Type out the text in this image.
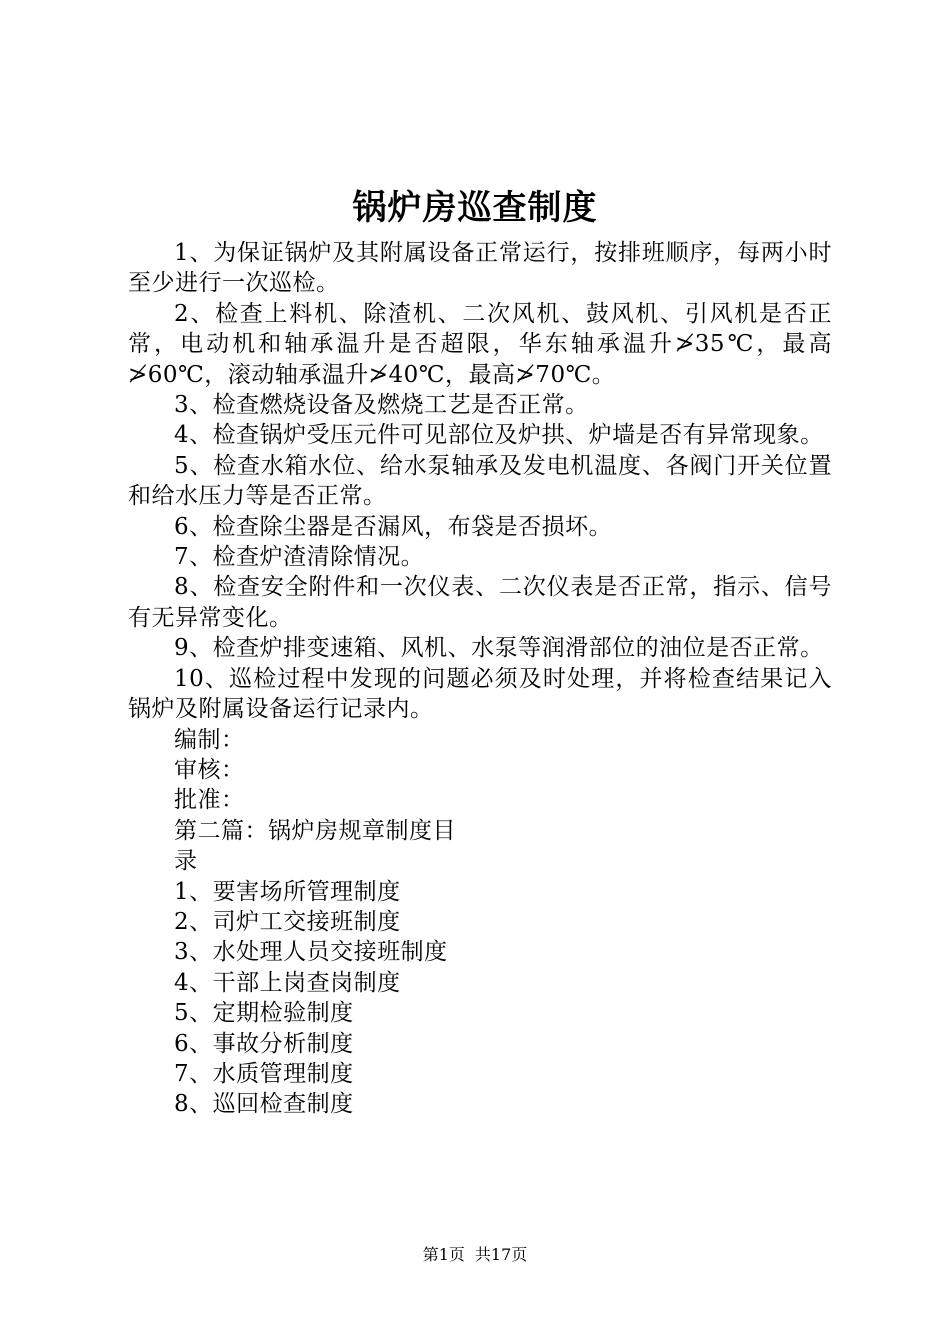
锅炉房巡查制度

1、为保证锅炉及其附属设备正常运行，按排班顺序，每两小时至少进行一次巡检。

2、检查上料机、除渣机、二次风机、鼓风机、引风机是否正常，电动机和轴承温升是否超限，华东轴承温升≯35℃，最高≯60℃，滚动轴承温升≯40℃，最高≯70℃。

3、检查燃烧设备及燃烧工艺是否正常。

4、检查锅炉受压元件可见部位及炉拱、炉墙是否有异常现象。

5、检查水箱水位、给水泵轴承及发电机温度、各阀门开关位置和给水压力等是否正常。

6、检查除尘器是否漏风，布袋是否损坏。

7、检查炉渣清除情况。

8、检查安全附件和一次仪表、二次仪表是否正常，指示、信号有无异常变化。

9、检查炉排变速箱、风机、水泵等润滑部位的油位是否正常。

10、巡检过程中发现的问题必须及时处理，并将检查结果记入锅炉及附属设备运行记录内。

编制：

审核：

批准：

第二篇：锅炉房规章制度目

录

1、要害场所管理制度

2、司炉工交接班制度

3、水处理人员交接班制度

4、干部上岗查岗制度

5、定期检验制度

6、事故分析制度

7、水质管理制度

8、巡回检查制度

第1页 共17页
